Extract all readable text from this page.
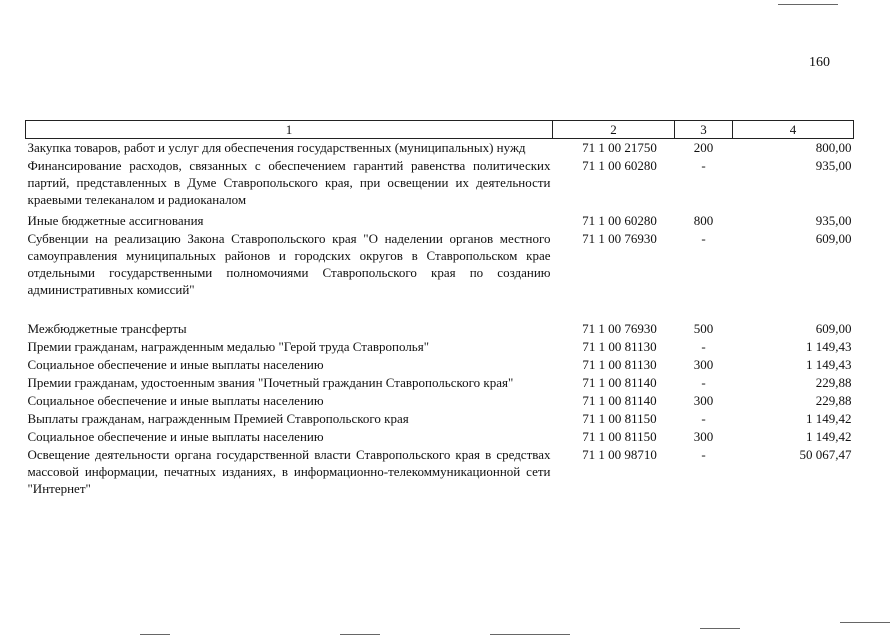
160
1	2	3	4
Закупка товаров, работ и услуг для обеспечения государственных (муниципальных) нужд	71 1 00 21750	200	800,00
Финансирование расходов, связанных с обеспечением гарантий равенства политических партий, представленных в Думе Ставропольского края, при освещении их деятельности краевыми телеканалом и радиоканалом	71 1 00 60280	-	935,00
Иные бюджетные ассигнования	71 1 00 60280	800	935,00
Субвенции на реализацию Закона Ставропольского края "О наделении органов местного самоуправления муниципальных районов и городских округов в Ставропольском крае отдельными государственными полномочиями Ставропольского края по созданию административных комиссий"	71 1 00 76930	-	609,00
Межбюджетные трансферты	71 1 00 76930	500	609,00
Премии гражданам, награжденным медалью "Герой труда Ставрополья"	71 1 00 81130	-	1 149,43
Социальное обеспечение и иные выплаты населению	71 1 00 81130	300	1 149,43
Премии гражданам, удостоенным звания "Почетный гражданин Ставропольского края"	71 1 00 81140	-	229,88
Социальное обеспечение и иные выплаты населению	71 1 00 81140	300	229,88
Выплаты гражданам, награжденным Премией Ставропольского края	71 1 00 81150	-	1 149,42
Социальное обеспечение и иные выплаты населению	71 1 00 81150	300	1 149,42
Освещение деятельности органа государственной власти Ставропольского края в средствах массовой информации, печатных изданиях, в информационно-телекоммуникационной сети "Интернет"	71 1 00 98710	-	50 067,47
